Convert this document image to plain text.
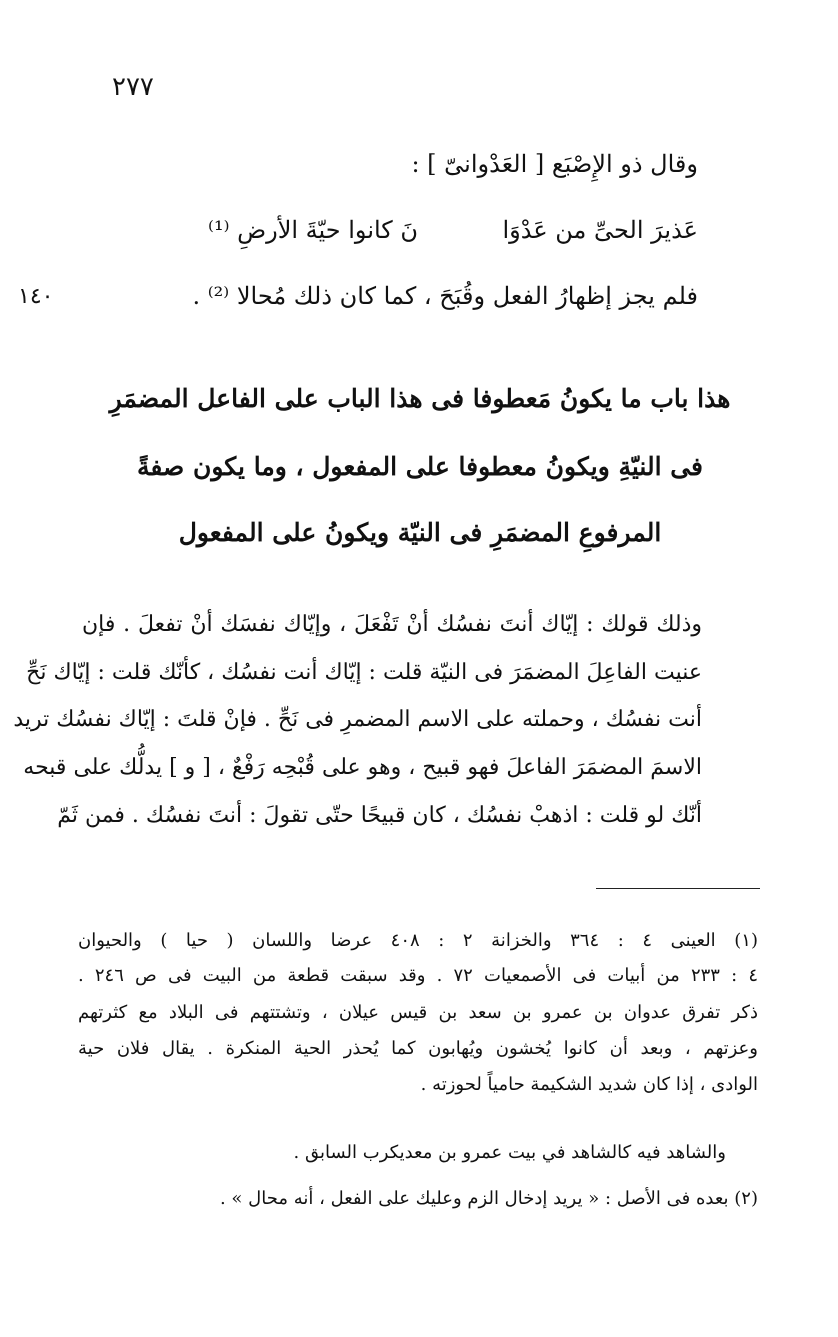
٢٧٧
١٤٠
وقال ذو الإِصْبَع [ العَدْوانىّ ] :
عَذيرَ الحىِّ من عَدْوَا
نَ كانوا حيّةَ الأرضِ ⁽¹⁾
فلم يجز إظهارُ الفعل وقُبَحَ ، كما كان ذلك مُحالا ⁽²⁾ .
هذا باب ما يكونُ مَعطوفا فى هذا الباب على الفاعل المضمَرِ
فى النيّةِ ويكونُ معطوفا على المفعول ، وما يكون صفةً
المرفوعِ المضمَرِ فى النيّة ويكونُ على المفعول
وذلك قولك : إيّاك أنتَ نفسُك أنْ تَفْعَلَ ، وإيّاك نفسَك أنْ تفعلَ . فإن
عنيت الفاعِلَ المضمَرَ فى النيّة قلت : إيّاك أنت نفسُك ، كأنّك قلت : إيّاك نَحِّ
أنت نفسُك ، وحملته على الاسم المضمرِ فى نَحِّ . فإنْ قلتَ : إيّاك نفسُك تريد
الاسمَ المضمَرَ الفاعلَ فهو قبيح ، وهو على قُبْحِه رَفْعٌ ، [ و ] يدلُّك على قبحه
أنّك لو قلت : اذهبْ نفسُك ، كان قبيحًا حتّى تقولَ : أنتَ نفسُك . فمن ثَمّ
(١) العينى ٤ : ٣٦٤ والخزانة ٢ : ٤٠٨ عرضا واللسان ( حيا ) والحيوان
٤ : ٢٣٣ من أبيات فى الأصمعيات ٧٢ . وقد سبقت قطعة من البيت فى ص ٢٤٦ .
ذكر تفرق عدوان بن عمرو بن سعد بن قيس عيلان ، وتشتتهم فى البلاد مع كثرتهم
وعزتهم ، وبعد أن كانوا يُخشون ويُهابون كما يُحذر الحية المنكرة . يقال فلان حية
الوادى ، إذا كان شديد الشكيمة حامياً لحوزته .
والشاهد فيه كالشاهد في بيت عمرو بن معديكرب السابق .
(٢) بعده فى الأصل : « يريد إدخال الزم وعليك على الفعل ، أنه محال » .
